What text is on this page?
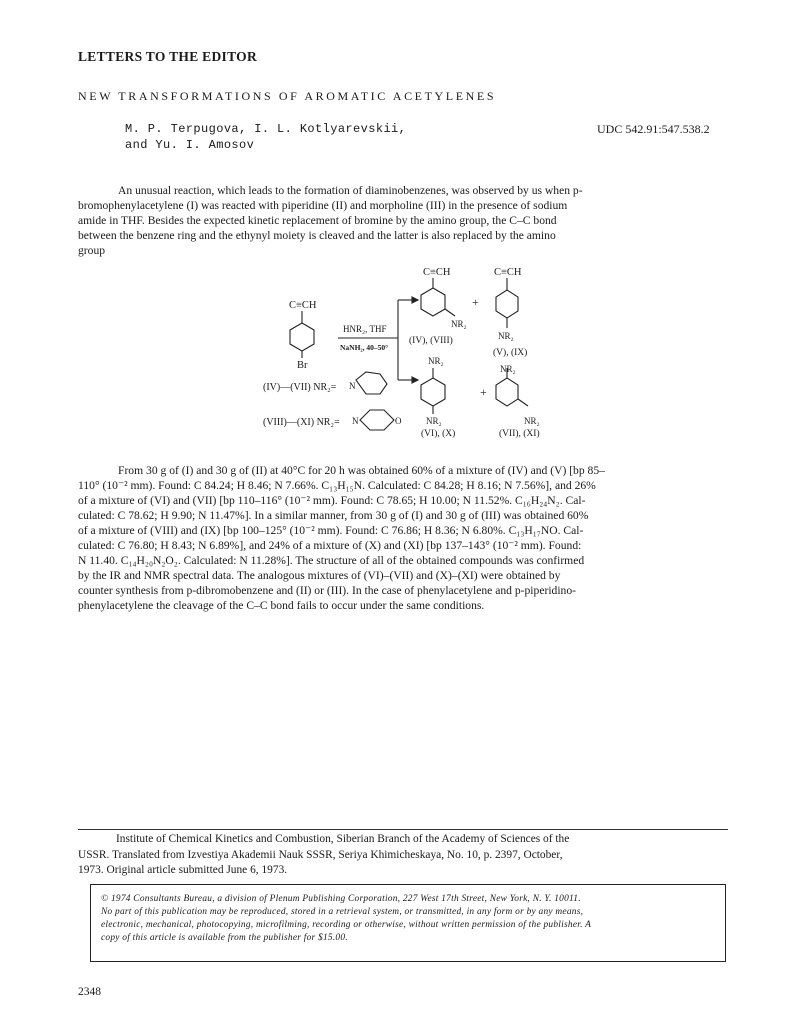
LETTERS TO THE EDITOR
NEW TRANSFORMATIONS OF AROMATIC ACETYLENES
M. P. Terpugova, I. L. Kotlyarevskii,
and Yu. I. Amosov
UDC 542.91:547.538.2

An unusual reaction, which leads to the formation of diaminobenzenes, was observed by us when p-

bromophenylacetylene (I) was reacted with piperidine (II) and morpholine (III) in the presence of sodium

amide in THF. Besides the expected kinetic replacement of bromine by the amino group, the C–C bond

between the benzene ring and the ethynyl moiety is cleaved and the latter is also replaced by the amino

group

C≡CH
Br
HNR₂, THF
NaNH₂, 40–50°
C≡CH	C≡CH
+
NR₂
NR₂
(IV), (VIII)
(V), (IX)
NR₂
NR₂
+
NR₂	NR₂
(VI), (X)	(VII), (XI)
(IV)—(VII) NR₂= N
(VIII)—(XI) NR₂= N	O

From 30 g of (I) and 30 g of (II) at 40°C for 20 h was obtained 60% of a mixture of (IV) and (V) [bp 85–

110° (10⁻² mm). Found: C 84.24; H 8.46; N 7.66%. C₁₃H₁₅N. Calculated: C 84.28; H 8.16; N 7.56%], and 26%

of a mixture of (VI) and (VII) [bp 110–116° (10⁻² mm). Found: C 78.65; H 10.00; N 11.52%. C₁₆H₂₄N₂. Cal-

culated: C 78.62; H 9.90; N 11.47%]. In a similar manner, from 30 g of (I) and 30 g of (III) was obtained 60%

of a mixture of (VIII) and (IX) [bp 100–125° (10⁻² mm). Found: C 76.86; H 8.36; N 6.80%. C₁₃H₁₇NO. Cal-

culated: C 76.80; H 8.43; N 6.89%], and 24% of a mixture of (X) and (XI) [bp 137–143° (10⁻² mm). Found:

N 11.40. C₁₄H₂₀N₂O₂. Calculated: N 11.28%]. The structure of all of the obtained compounds was confirmed

by the IR and NMR spectral data. The analogous mixtures of (VI)–(VII) and (X)–(XI) were obtained by

counter synthesis from p-dibromobenzene and (II) or (III). In the case of phenylacetylene and p-piperidino-

phenylacetylene the cleavage of the C–C bond fails to occur under the same conditions.

Institute of Chemical Kinetics and Combustion, Siberian Branch of the Academy of Sciences of the
USSR. Translated from Izvestiya Akademii Nauk SSSR, Seriya Khimicheskaya, No. 10, p. 2397, October,
1973. Original article submitted June 6, 1973.
© 1974 Consultants Bureau, a division of Plenum Publishing Corporation, 227 West 17th Street, New York, N. Y. 10011.
No part of this publication may be reproduced, stored in a retrieval system, or transmitted, in any form or by any means,
electronic, mechanical, photocopying, microfilming, recording or otherwise, without written permission of the publisher. A
copy of this article is available from the publisher for $15.00.
2348
